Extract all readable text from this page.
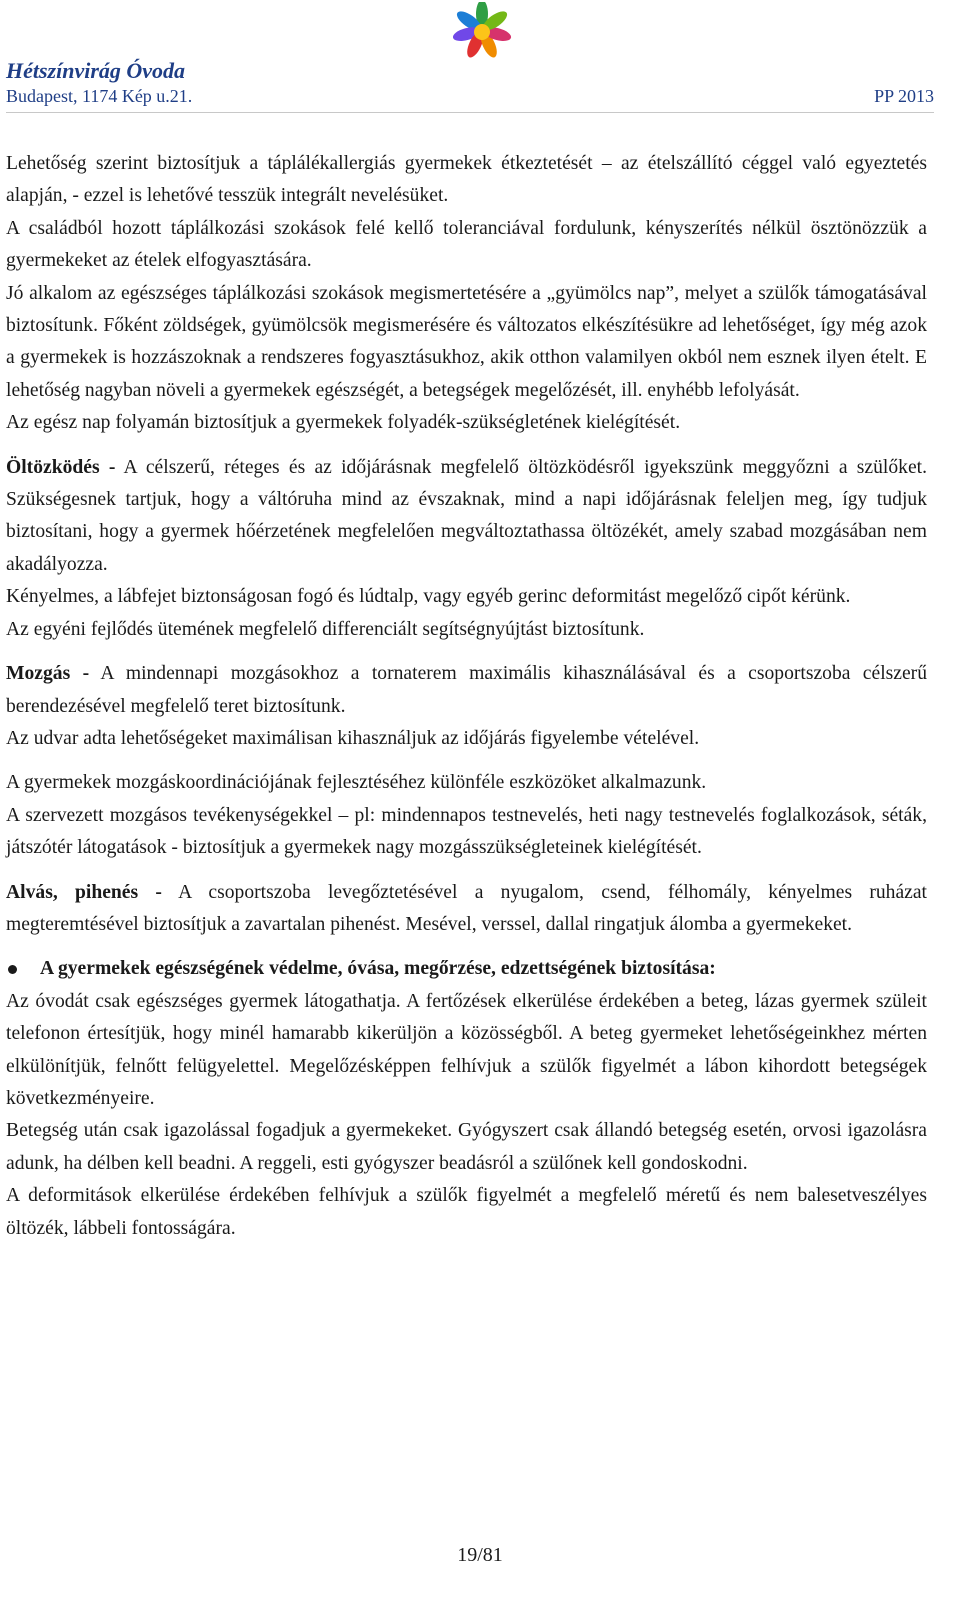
Hétszínvirág Óvoda
Budapest, 1174 Kép u.21.	PP 2013

Lehetőség szerint biztosítjuk a táplálékallergiás gyermekek étkeztetését – az ételszállító céggel való egyeztetés alapján, - ezzel is lehetővé tesszük integrált nevelésüket.

A családból hozott táplálkozási szokások felé kellő toleranciával fordulunk, kényszerítés nélkül ösztönözzük a gyermekeket az ételek elfogyasztására.

Jó alkalom az egészséges táplálkozási szokások megismertetésére a „gyümölcs nap”, melyet a szülők támogatásával biztosítunk. Főként zöldségek, gyümölcsök megismerésére és változatos elkészítésükre ad lehetőséget, így még azok a gyermekek is hozzászoknak a rendszeres fogyasztásukhoz, akik otthon valamilyen okból nem esznek ilyen ételt. E lehetőség nagyban növeli a gyermekek egészségét, a betegségek megelőzését, ill. enyhébb lefolyását.

Az egész nap folyamán biztosítjuk a gyermekek folyadék-szükségletének kielégítését.

Öltözködés - A célszerű, réteges és az időjárásnak megfelelő öltözködésről igyekszünk meggyőzni a szülőket. Szükségesnek tartjuk, hogy a váltóruha mind az évszaknak, mind a napi időjárásnak feleljen meg, így tudjuk biztosítani, hogy a gyermek hőérzetének megfelelően megváltoztathassa öltözékét, amely szabad mozgásában nem akadályozza.

Kényelmes, a lábfejet biztonságosan fogó és lúdtalp, vagy egyéb gerinc deformitást megelőző cipőt kérünk.

Az egyéni fejlődés ütemének megfelelő differenciált segítségnyújtást biztosítunk.

Mozgás - A mindennapi mozgásokhoz a tornaterem maximális kihasználásával és a csoportszoba célszerű berendezésével megfelelő teret biztosítunk.

Az udvar adta lehetőségeket maximálisan kihasználjuk az időjárás figyelembe vételével.

A gyermekek mozgáskoordinációjának fejlesztéséhez különféle eszközöket alkalmazunk.

A szervezett mozgásos tevékenységekkel – pl: mindennapos testnevelés, heti nagy testnevelés foglalkozások, séták, játszótér látogatások - biztosítjuk a gyermekek nagy mozgásszükségleteinek kielégítését.

Alvás, pihenés - A csoportszoba levegőztetésével a nyugalom, csend, félhomály, kényelmes ruházat megteremtésével biztosítjuk a zavartalan pihenést. Mesével, verssel, dallal ringatjuk álomba a gyermekeket.

A gyermekek egészségének védelme, óvása, megőrzése, edzettségének biztosítása:

Az óvodát csak egészséges gyermek látogathatja. A fertőzések elkerülése érdekében a beteg, lázas gyermek szüleit telefonon értesítjük, hogy minél hamarabb kikerüljön a közösségből. A beteg gyermeket lehetőségeinkhez mérten elkülönítjük, felnőtt felügyelettel. Megelőzésképpen felhívjuk a szülők figyelmét a lábon kihordott betegségek következményeire.

Betegség után csak igazolással fogadjuk a gyermekeket. Gyógyszert csak állandó betegség esetén, orvosi igazolásra adunk, ha délben kell beadni. A reggeli, esti gyógyszer beadásról a szülőnek kell gondoskodni.

A deformitások elkerülése érdekében felhívjuk a szülők figyelmét a megfelelő méretű és nem balesetveszélyes öltözék, lábbeli fontosságára.

19/81
